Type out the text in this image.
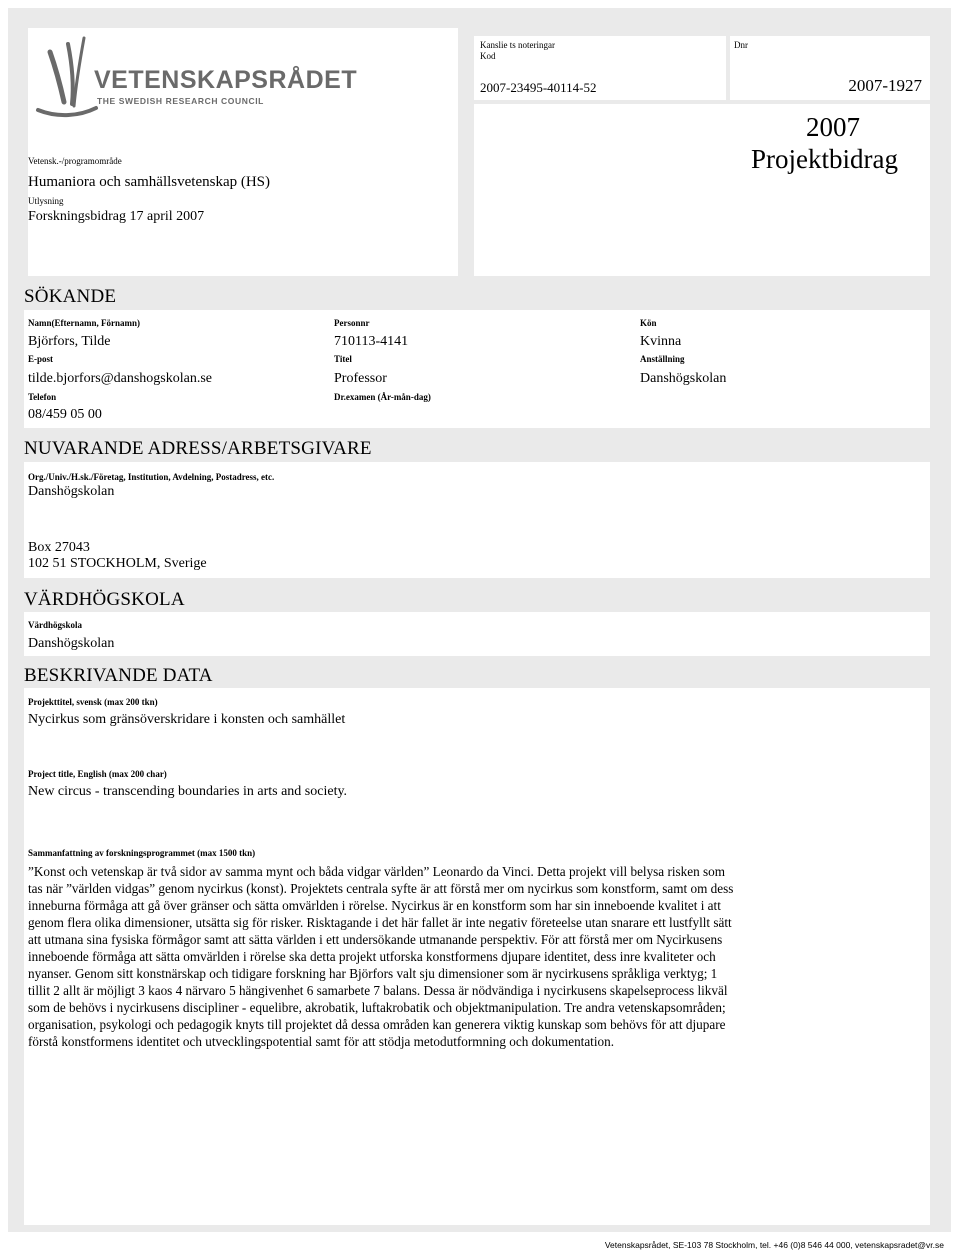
VETENSKAPSRÅDET
THE SWEDISH RESEARCH COUNCIL
Vetensk.-/programområde
Humaniora och samhällsvetenskap (HS)
Utlysning
Forskningsbidrag 17 april 2007
Kanslie ts noteringar
Kod
2007-23495-40114-52
Dnr
2007-1927
2007
Projektbidrag
SÖKANDE
Namn(Efternamn, Förnamn)
Björfors, Tilde
Personnr
710113-4141
Kön
Kvinna
E-post
tilde.bjorfors@danshogskolan.se
Titel
Professor
Anställning
Danshögskolan
Telefon
08/459 05 00
Dr.examen (År-mån-dag)
NUVARANDE ADRESS/ARBETSGIVARE
Org./Univ./H.sk./Företag, Institution, Avdelning, Postadress, etc.
Danshögskolan
Box 27043
102 51 STOCKHOLM, Sverige
VÄRDHÖGSKOLA
Värdhögskola
Danshögskolan
BESKRIVANDE DATA
Projekttitel, svensk (max 200 tkn)
Nycirkus som gränsöverskridare i konsten och samhället
Project title, English (max 200 char)
New circus - transcending boundaries in arts and society.
Sammanfattning av forskningsprogrammet (max 1500 tkn)
”Konst och vetenskap är två sidor av samma mynt och båda vidgar världen” Leonardo da Vinci. Detta projekt vill belysa risken som
tas när ”världen vidgas” genom nycirkus (konst). Projektets centrala syfte är att förstå mer om nycirkus som konstform, samt om dess
inneburna förmåga att gå över gränser och sätta omvärlden i rörelse. Nycirkus är en konstform som har sin inneboende kvalitet i att
genom flera olika dimensioner, utsätta sig för risker. Risktagande i det här fallet är inte negativ företeelse utan snarare ett lustfyllt sätt
att utmana sina fysiska förmågor samt att sätta världen i ett undersökande utmanande perspektiv. För att förstå mer om Nycirkusens
inneboende förmåga att sätta omvärlden i rörelse ska detta projekt utforska konstformens djupare identitet, dess inre kvaliteter och
nyanser. Genom sitt konstnärskap och tidigare forskning har Björfors valt sju dimensioner som är nycirkusens språkliga verktyg; 1
tillit 2 allt är möjligt 3 kaos 4 närvaro 5 hängivenhet 6 samarbete 7 balans. Dessa är nödvändiga i nycirkusens skapelseprocess likväl
som de behövs i nycirkusens discipliner - equelibre, akrobatik, luftakrobatik och objektmanipulation. Tre andra vetenskapsområden;
organisation, psykologi och pedagogik knyts till projektet då dessa områden kan generera viktig kunskap som behövs för att djupare
förstå konstformens identitet och utvecklingspotential samt för att stödja metodutformning och dokumentation.
Vetenskapsrådet, SE-103 78 Stockholm, tel. +46 (0)8 546 44 000, vetenskapsradet@vr.se
